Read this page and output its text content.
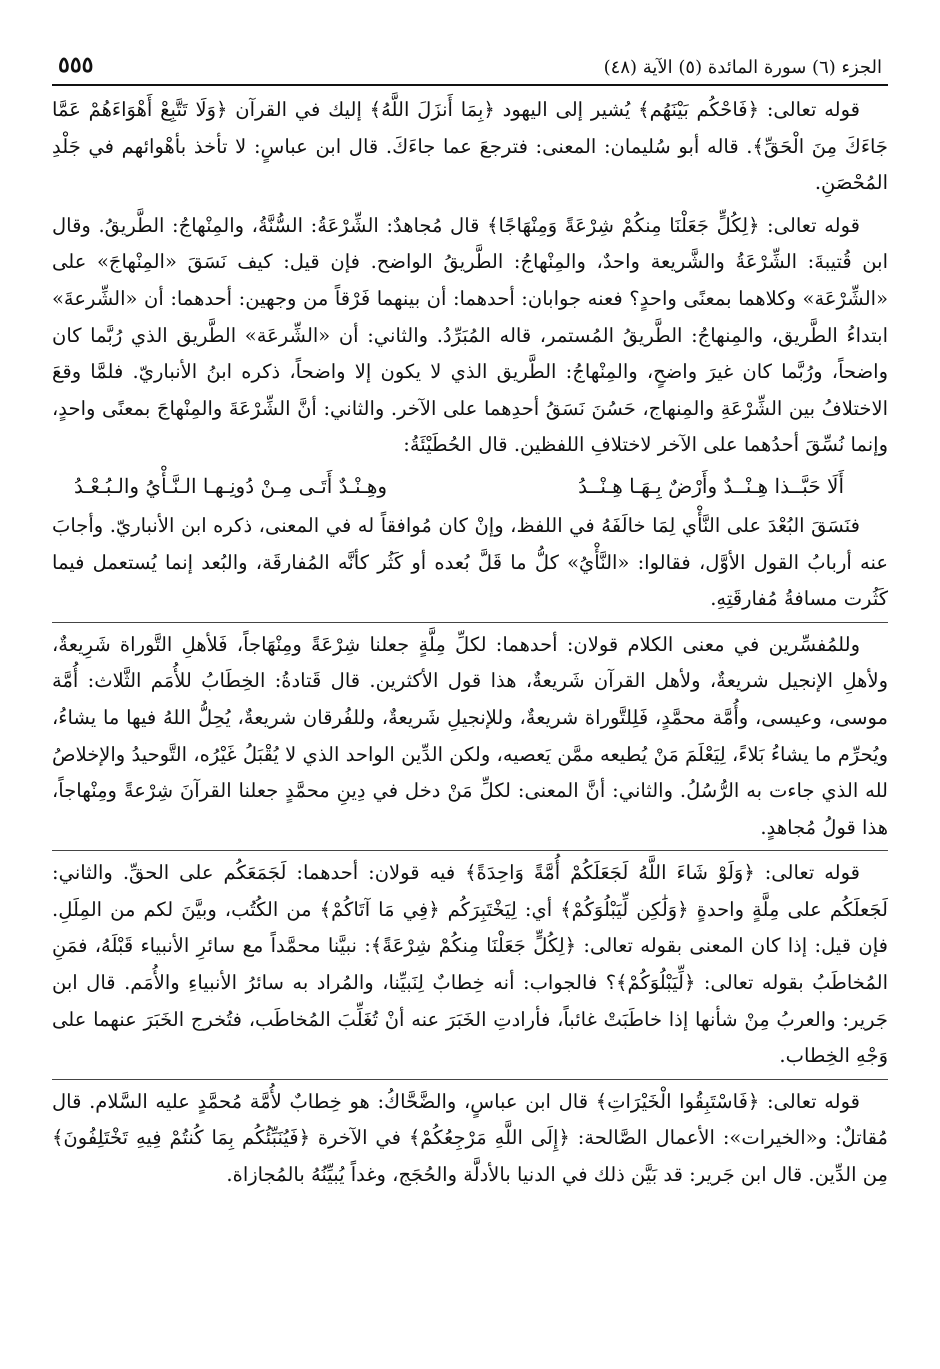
الجزء (٦) سورة المائدة (٥) الآية (٤٨)
٥٥٥

قوله تعالى: ﴿فَاحْكُم بَيْنَهُم﴾ يُشير إلى اليهود ﴿بِمَا أَنزَلَ اللَّهُ﴾ إليك في القرآن ﴿وَلَا تَتَّبِعْ أَهْوَاءَهُمْ عَمَّا جَاءَكَ مِنَ الْحَقِّ﴾. قاله أبو سُليمان: المعنى: فترجعَ عما جاءَكَ. قال ابن عباسٍ: لا تأخذ بأهْوائهم في جَلْدِ المُحْصَنِ.

قوله تعالى: ﴿لِكُلٍّ جَعَلْنَا مِنكُمْ شِرْعَةً وَمِنْهَاجًا﴾ قال مُجاهدٌ: الشِّرْعَةُ: السُّنَّةُ، والمِنْهاجُ: الطَّريقُ. وقال ابن قُتيبةَ: الشِّرْعَةُ والشَّريعة واحدٌ، والمِنْهاجُ: الطَّريقُ الواضح. فإن قيل: كيف نَسَقَ «المِنْهاجَ» على «الشِّرْعَة» وكلاهما بمعنًى واحدٍ؟ فعنه جوابان: أحدهما: أن بينهما فَرْقاً من وجهين: أحدهما: أن «الشِّرعةَ» ابتداءُ الطَّريق، والمِنهاجُ: الطَّريقُ المُستمر، قاله المُبَرِّدُ. والثاني: أن «الشِّرعَة» الطَّريق الذي رُبَّما كان واضحاً، ورُبَّما كان غيرَ واضحٍ، والمِنْهاجُ: الطَّريق الذي لا يكون إلا واضحاً، ذكره ابنُ الأنباريّ. فلمَّا وقعَ الاختلافُ بين الشِّرْعَةِ والمِنهاج، حَسُنَ نَسَقُ أحدِهما على الآخر. والثاني: أنَّ الشِّرْعَةَ والمِنْهاجَ بمعنًى واحدٍ، وإنما نُسِّقَ أحدُهما على الآخر لاختلافِ اللفظين. قال الحُطَيْئَةُ:

أَلَا حَبَّــذا هِـنْــدٌ وأَرْضٌ بِـهَـا هِـنْــدُ
وهِـنْـدٌ أَتَـى مِـنْ دُونِـهـا الـنَّـأْيُ والـبُـعْـدُ

فنَسَقَ البُعْدَ على النَّأْي لِمَا خالَفَهُ في اللفظ، وإنْ كان مُوافقاً له في المعنى، ذكره ابن الأنباريّ. وأجابَ عنه أربابُ القول الأوَّل، فقالوا: «النَّأْيُ» كلُّ ما قَلَّ بُعده أو كَثُر كأنَّه المُفارقَة، والبُعد إنما يُستعمل فيما كَثُرت مسافةُ مُفارقَتِهِ.

وللمُفسِّرين في معنى الكلام قولان: أحدهما: لكلِّ مِلَّةٍ جعلنا شِرْعَةً ومِنْهَاجاً، فَلأهلِ التَّوراة شَرِيعةٌ، ولأهلِ الإنجيل شريعةٌ، ولأهل القرآن شَريعةٌ، هذا قول الأكثرين. قال قَتادةُ: الخِطَابُ للأُمَم الثَّلاث: أُمَّة موسى، وعيسى، وأُمَّة محمَّدٍ، فَلِلتَّوراة شريعةٌ، وللإنجيلِ شَريعةٌ، وللفُرقان شريعةٌ، يُحِلُّ اللهُ فيها ما يشاءُ، ويُحرِّم ما يشاءُ بَلاءً، لِيَعْلَمَ مَنْ يُطيعه ممَّن يَعصيه، ولكن الدِّين الواحد الذي لا يُقْبَلُ غَيْرُه، التَّوحيدُ والإخلاصُ لله الذي جاءت به الرُّسُلُ. والثاني: أنَّ المعنى: لكلِّ مَنْ دخل في دِينِ محمَّدٍ جعلنا القرآنَ شِرْعةً ومِنْهاجاً، هذا قولُ مُجاهدٍ.

قوله تعالى: ﴿وَلَوْ شَاءَ اللَّهُ لَجَعَلَكُمْ أُمَّةً وَاحِدَةً﴾ فيه قولان: أحدهما: لَجَمَعَكُم على الحقِّ. والثاني: لَجَعلَكُم على مِلَّةٍ واحدةٍ ﴿وَلَٰكِن لِّيَبْلُوَكُمْ﴾ أي: لِيَخْتَبِرَكُم ﴿فِي مَا آتَاكُمْ﴾ من الكُتُب، وبيَّنَ لكم من المِلَلِ. فإن قيل: إذا كان المعنى بقوله تعالى: ﴿لِكُلٍّ جَعَلْنَا مِنكُمْ شِرْعَةً﴾: نبيَّنا محمَّداً مع سائرِ الأنبياء قَبْلَهُ، فمَنِ المُخاطَبُ بقوله تعالى: ﴿لِّيَبْلُوَكُمْ﴾؟ فالجواب: أنه خِطابٌ لِنَبيِّنا، والمُراد به سائرُ الأنبياءِ والأُمَم. قال ابن جَرير: والعربُ مِنْ شأنها إذا خاطَبَتْ غائباً، فأرادتِ الخَبَرَ عنه أنْ تُغَلِّبَ المُخاطَب، فتُخرج الخَبَرَ عنهما على وَجْهِ الخِطاب.

قوله تعالى: ﴿فَاسْتَبِقُوا الْخَيْرَاتِ﴾ قال ابن عباسٍ، والضَّحَّاكُ: هو خِطابٌ لأُمَّة مُحمَّدٍ عليه السَّلام. قال مُقاتلٌ: و«الخيرات»: الأعمال الصَّالحة: ﴿إِلَى اللَّهِ مَرْجِعُكُمْ﴾ في الآخرة ﴿فَيُنَبِّئُكُم بِمَا كُنتُمْ فِيهِ تَخْتَلِفُونَ﴾ مِن الدِّين. قال ابن جَرير: قد بَيَّن ذلك في الدنيا بالأدلَّة والحُجَج، وغداً يُبيِّنُهُ بالمُجازاة.
